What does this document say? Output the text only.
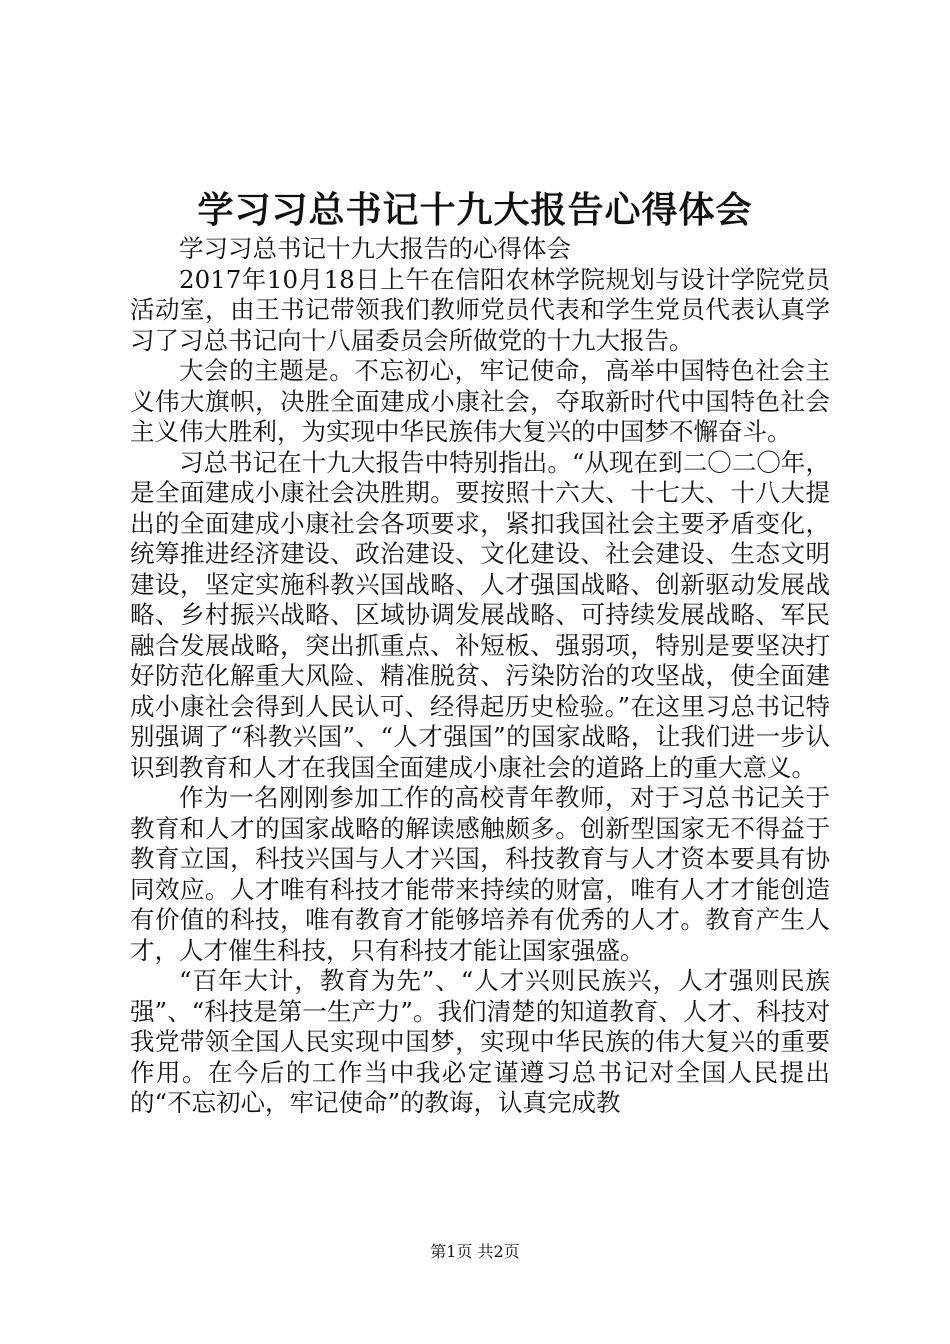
学习习总书记十九大报告心得体会

学习习总书记十九大报告的心得体会

2017年10月18日上午在信阳农林学院规划与设计学院党员活动室，由王书记带领我们教师党员代表和学生党员代表认真学习了习总书记向十八届委员会所做党的十九大报告。

大会的主题是。不忘初心，牢记使命，高举中国特色社会主义伟大旗帜，决胜全面建成小康社会，夺取新时代中国特色社会主义伟大胜利，为实现中华民族伟大复兴的中国梦不懈奋斗。

习总书记在十九大报告中特别指出。“从现在到二〇二〇年，是全面建成小康社会决胜期。要按照十六大、十七大、十八大提出的全面建成小康社会各项要求，紧扣我国社会主要矛盾变化，统筹推进经济建设、政治建设、文化建设、社会建设、生态文明建设，坚定实施科教兴国战略、人才强国战略、创新驱动发展战略、乡村振兴战略、区域协调发展战略、可持续发展战略、军民融合发展战略，突出抓重点、补短板、强弱项，特别是要坚决打好防范化解重大风险、精准脱贫、污染防治的攻坚战，使全面建成小康社会得到人民认可、经得起历史检验。”在这里习总书记特别强调了“科教兴国”、“人才强国”的国家战略，让我们进一步认识到教育和人才在我国全面建成小康社会的道路上的重大意义。

作为一名刚刚参加工作的高校青年教师，对于习总书记关于教育和人才的国家战略的解读感触颇多。创新型国家无不得益于教育立国，科技兴国与人才兴国，科技教育与人才资本要具有协同效应。人才唯有科技才能带来持续的财富，唯有人才才能创造有价值的科技，唯有教育才能够培养有优秀的人才。教育产生人才，人才催生科技，只有科技才能让国家强盛。

“百年大计，教育为先”、“人才兴则民族兴，人才强则民族强”、“科技是第一生产力”。我们清楚的知道教育、人才、科技对我党带领全国人民实现中国梦，实现中华民族的伟大复兴的重要作用。在今后的工作当中我必定谨遵习总书记对全国人民提出的“不忘初心，牢记使命”的教诲，认真完成教

第1页 共2页
